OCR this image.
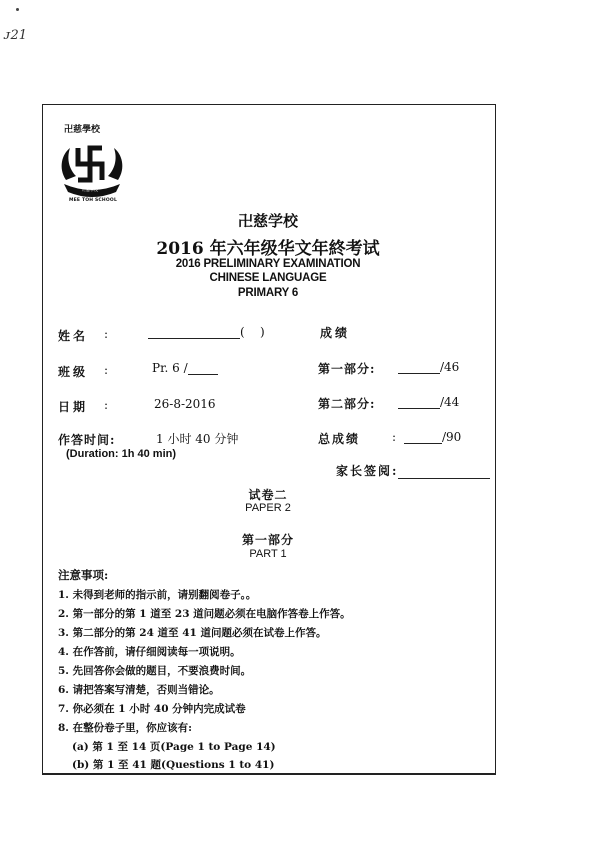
ᴊ21
卍慈學校
卍慈學校
MEE TOH SCHOOL
卍慈学校
2016 年六年级华文年終考试
2016 PRELIMINARY EXAMINATION
CHINESE LANGUAGE
PRIMARY 6
姓名 :	(    )	成绩
班级 :	Pr. 6 /	第一部分:	/46
日期 :	26-8-2016	第二部分:	/44
作答时间:	1 小时 40 分钟	总成绩	:	/90
(Duration: 1h 40 min)
家长签阅:
试卷二
PAPER 2
第一部分
PART 1
注意事项:
1. 未得到老师的指示前，请别翻阅卷子。。
2. 第一部分的第 1 道至 23 道问题必须在电脑作答卷上作答。
3. 第二部分的第 24 道至 41 道问题必须在试卷上作答。
4. 在作答前，请仔细阅读每一项说明。
5. 先回答你会做的题目，不要浪费时间。
6. 请把答案写清楚，否则当错论。
7. 你必须在 1 小时 40 分钟内完成试卷
8. 在整份卷子里，你应该有:
(a) 第 1 至 14 页(Page 1 to Page 14)
(b) 第 1 至 41 题(Questions 1 to 41)
